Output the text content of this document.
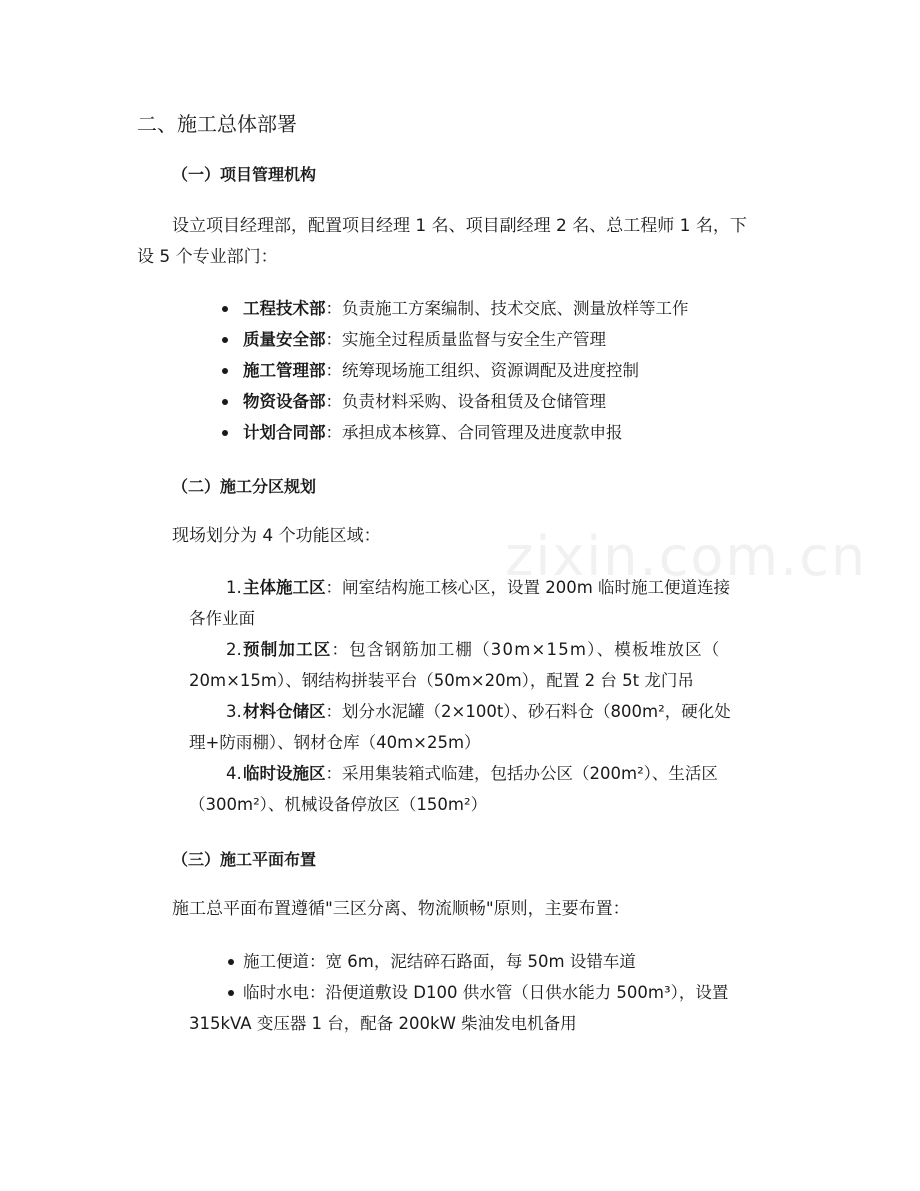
zixin.com.cn
二、施工总体部署
（一）项目管理机构
设立项目经理部，配置项目经理 1 名、项目副经理 2 名、总工程师 1 名，下
设 5 个专业部门：
工程技术部：负责施工方案编制、技术交底、测量放样等工作
质量安全部：实施全过程质量监督与安全生产管理
施工管理部：统筹现场施工组织、资源调配及进度控制
物资设备部：负责材料采购、设备租赁及仓储管理
计划合同部：承担成本核算、合同管理及进度款申报
（二）施工分区规划
现场划分为 4 个功能区域：
1. 主体施工区：闸室结构施工核心区，设置 200m 临时施工便道连接
各作业面
2. 预制加工区：包含钢筋加工棚（30m×15m）、模板堆放区（
20m×15m）、钢结构拼装平台（50m×20m），配置 2 台 5t 龙门吊
3. 材料仓储区：划分水泥罐（2×100t）、砂石料仓（800m²，硬化处
理+防雨棚）、钢材仓库（40m×25m）
4. 临时设施区：采用集装箱式临建，包括办公区（200m²）、生活区
（300m²）、机械设备停放区（150m²）
（三）施工平面布置
施工总平面布置遵循"三区分离、物流顺畅"原则，主要布置：
施工便道：宽 6m，泥结碎石路面，每 50m 设错车道
临时水电：沿便道敷设 D100 供水管（日供水能力 500m³），设置
315kVA 变压器 1 台，配备 200kW 柴油发电机备用
